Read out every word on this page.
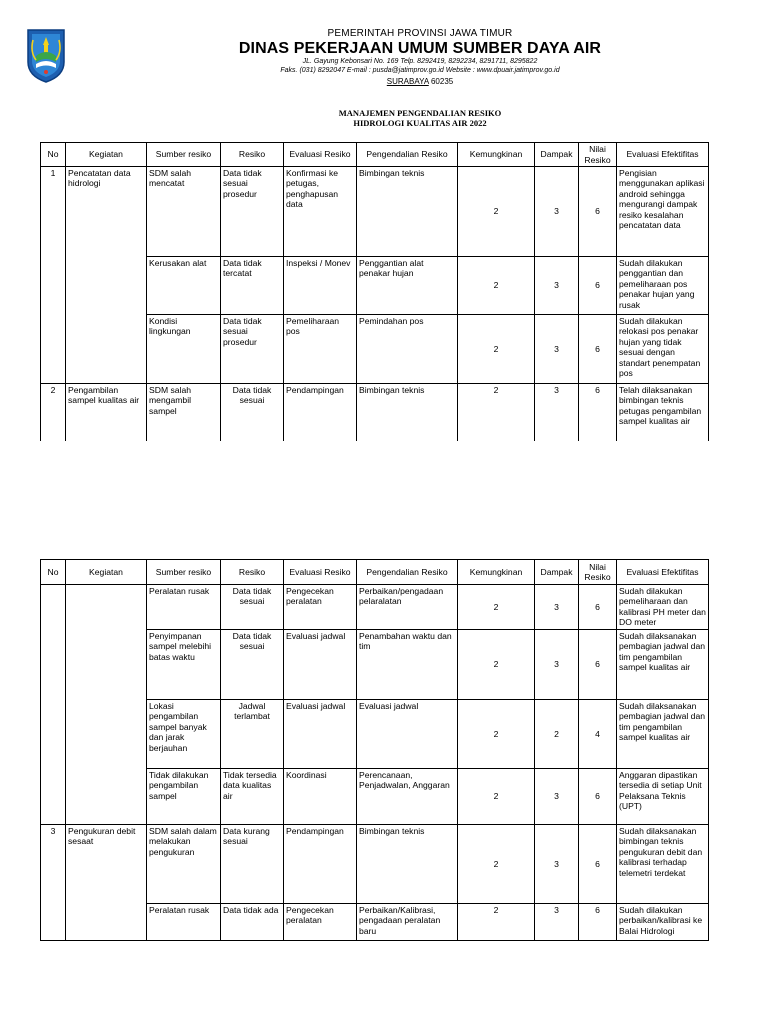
PEMERINTAH PROVINSI JAWA TIMUR
DINAS PEKERJAAN UMUM SUMBER DAYA AIR
JL. Gayung Kebonsari No. 169 Telp. 8292419, 8292234, 8291711, 8295822
Faks. (031) 8292047 E-mail : pusda@jatimprov.go.id Website : www.dpuair.jatimprov.go.id
SURABAYA 60235
MANAJEMEN PENGENDALIAN RESIKO
HIDROLOGI KUALITAS AIR 2022
No	Kegiatan	Sumber resiko	Resiko	Evaluasi Resiko	Pengendalian Resiko	Kemungkinan	Dampak	Nilai Resiko	Evaluasi Efektifitas
1	Pencatatan data hidrologi	SDM salah mencatat	Data tidak sesuai prosedur	Konfirmasi ke petugas, penghapusan data	Bimbingan teknis	2	3	6	Pengisian menggunakan aplikasi android sehingga mengurangi dampak resiko kesalahan pencatatan data
		Kerusakan alat	Data tidak tercatat	Inspeksi / Monev	Penggantian alat penakar hujan	2	3	6	Sudah dilakukan penggantian dan pemeliharaan pos penakar hujan yang rusak
		Kondisi lingkungan	Data tidak sesuai prosedur	Pemeliharaan pos	Pemindahan pos	2	3	6	Sudah dilakukan relokasi pos penakar hujan yang tidak sesuai dengan standart penempatan pos
2	Pengambilan sampel kualitas air	SDM salah mengambil sampel	Data tidak sesuai	Pendampingan	Bimbingan teknis	2	3	6	Telah dilaksanakan bimbingan teknis petugas pengambilan sampel kualitas air
No	Kegiatan	Sumber resiko	Resiko	Evaluasi Resiko	Pengendalian Resiko	Kemungkinan	Dampak	Nilai Resiko	Evaluasi Efektifitas
		Peralatan rusak	Data tidak sesuai	Pengecekan peralatan	Perbaikan/pengadaan pelaralatan	2	3	6	Sudah dilakukan pemeliharaan dan kalibrasi PH meter dan DO meter
		Penyimpanan sampel melebihi batas waktu	Data tidak sesuai	Evaluasi jadwal	Penambahan waktu dan tim	2	3	6	Sudah dilaksanakan pembagian jadwal dan tim pengambilan sampel kualitas air
		Lokasi pengambilan sampel banyak dan jarak berjauhan	Jadwal terlambat	Evaluasi jadwal	Evaluasi jadwal	2	2	4	Sudah dilaksanakan pembagian jadwal dan tim pengambilan sampel kualitas air
		Tidak dilakukan pengambilan sampel	Tidak tersedia data kualitas air	Koordinasi	Perencanaan, Penjadwalan, Anggaran	2	3	6	Anggaran dipastikan tersedia di setiap Unit Pelaksana Teknis (UPT)
3	Pengukuran debit sesaat	SDM salah dalam melakukan pengukuran	Data kurang sesuai	Pendampingan	Bimbingan teknis	2	3	6	Sudah dilaksanakan bimbingan teknis pengukuran debit dan kalibrasi terhadap telemetri terdekat
		Peralatan rusak	Data tidak ada	Pengecekan peralatan	Perbaikan/Kalibrasi, pengadaan peralatan baru	2	3	6	Sudah dilakukan perbaikan/kalibrasi ke Balai Hidrologi
